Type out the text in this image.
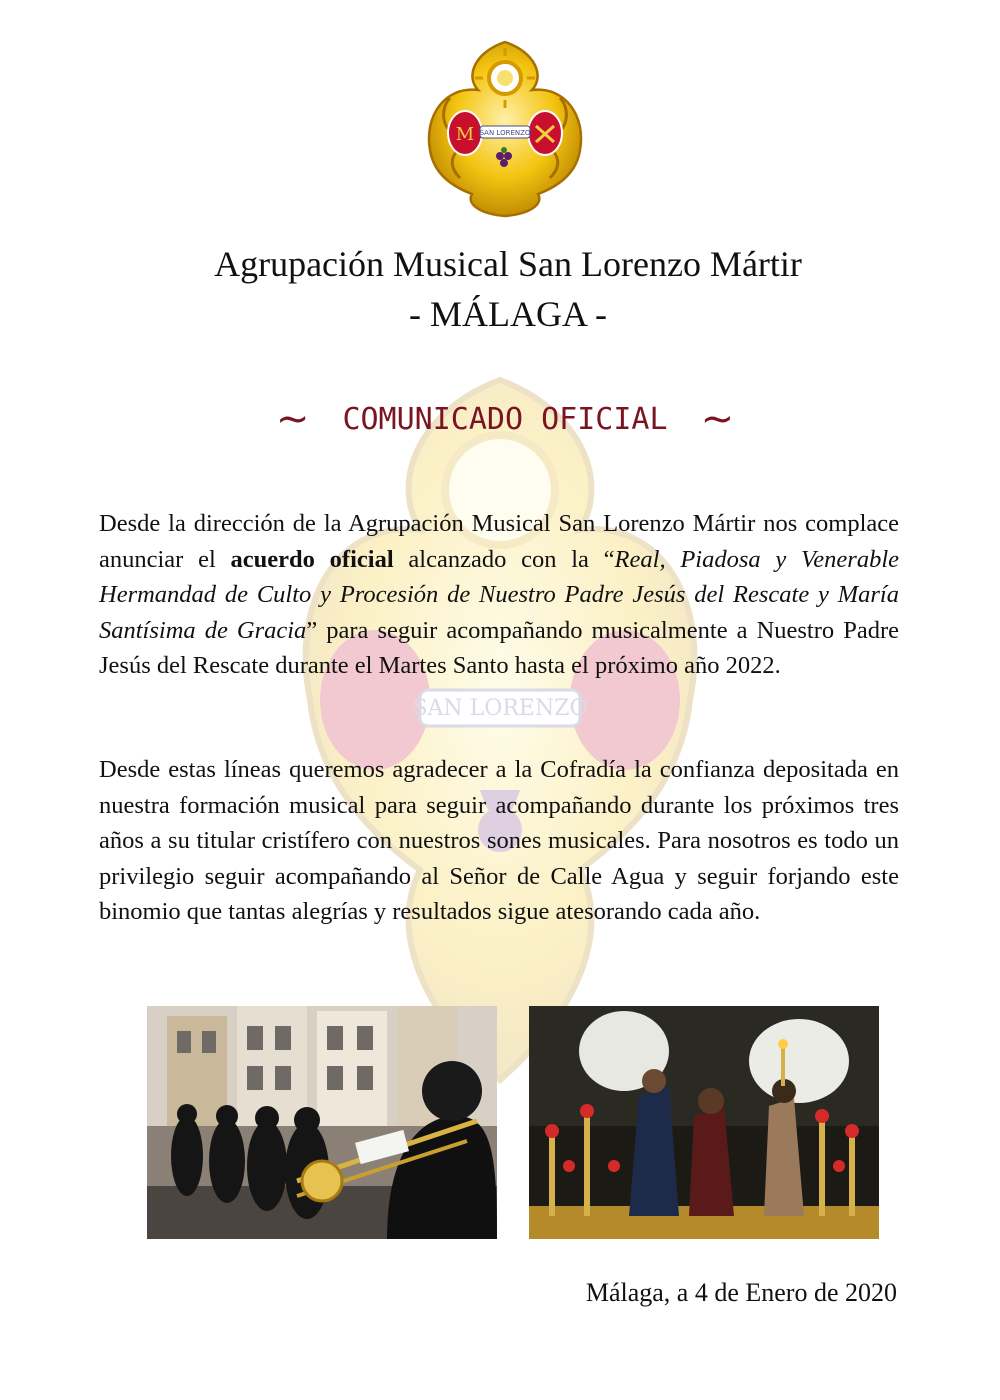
SAN LORENZO
M SAN LORENZO
Agrupación Musical San Lorenzo Mártir
- MÁLAGA -
~ COMUNICADO OFICIAL ~
Desde la dirección de la Agrupación Musical San Lorenzo Mártir nos complace anunciar el acuerdo oficial alcanzado con la “Real, Piadosa y Venerable Hermandad de Culto y Procesión de Nuestro Padre Jesús del Rescate y María Santísima de Gracia” para seguir acompañando musicalmente a Nuestro Padre Jesús del Rescate durante el Martes Santo hasta el próximo año 2022.
Desde estas líneas queremos agradecer a la Cofradía la confianza depositada en nuestra formación musical para seguir acompañando durante los próximos tres años a su titular cristífero con nuestros sones musicales. Para nosotros es todo un privilegio seguir acompañando al Señor de Calle Agua y seguir forjando este binomio que tantas alegrías y resultados sigue atesorando cada año.
Málaga, a 4 de Enero de 2020
